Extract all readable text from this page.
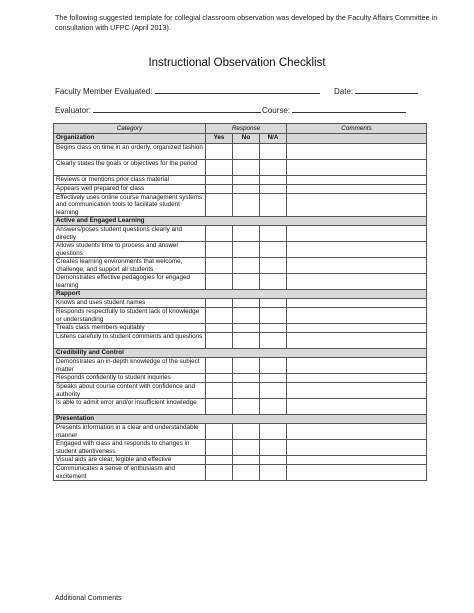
The following suggested template for collegial classroom observation was developed by the Faculty Affairs Committee in consultation with UFPC (April 2013).
Instructional Observation Checklist
Faculty Member Evaluated:	Date:
Evaluator:	Course:
Category	Response			Comments
Organization	Yes	No	N/A	
Begins class on time in an orderly, organized fashion				
Clearly states the goals or objectives for the period				
Reviews or mentions prior class material				
Appears well prepared for class				
Effectively uses online course management systems and communication tools to facilitate student learning				
Active and Engaged Learning				
Answers/poses student questions clearly and directly				
Allows students time to process and answer questions				
Creates learning environments that welcome, challenge, and support all students				
Demonstrates effective pedagogies for engaged learning				
Rapport				
Knows and uses student names				
Responds respectfully to student lack of knowledge or understanding				
Treats class members equitably				
Listens carefully to student comments and questions				
Credibility and Control				
Demonstrates an in-depth knowledge of the subject matter				
Responds confidently to student inquiries				
Speaks about course content with confidence and authority				
Is able to admit error and/or insufficient knowledge				
Presentation				
Presents information in a clear and understandable manner				
Engaged with class and responds to changes in student attentiveness				
Visual aids are clear, legible and effective				
Communicates a sense of enthusiasm and excitement				
Additional Comments
